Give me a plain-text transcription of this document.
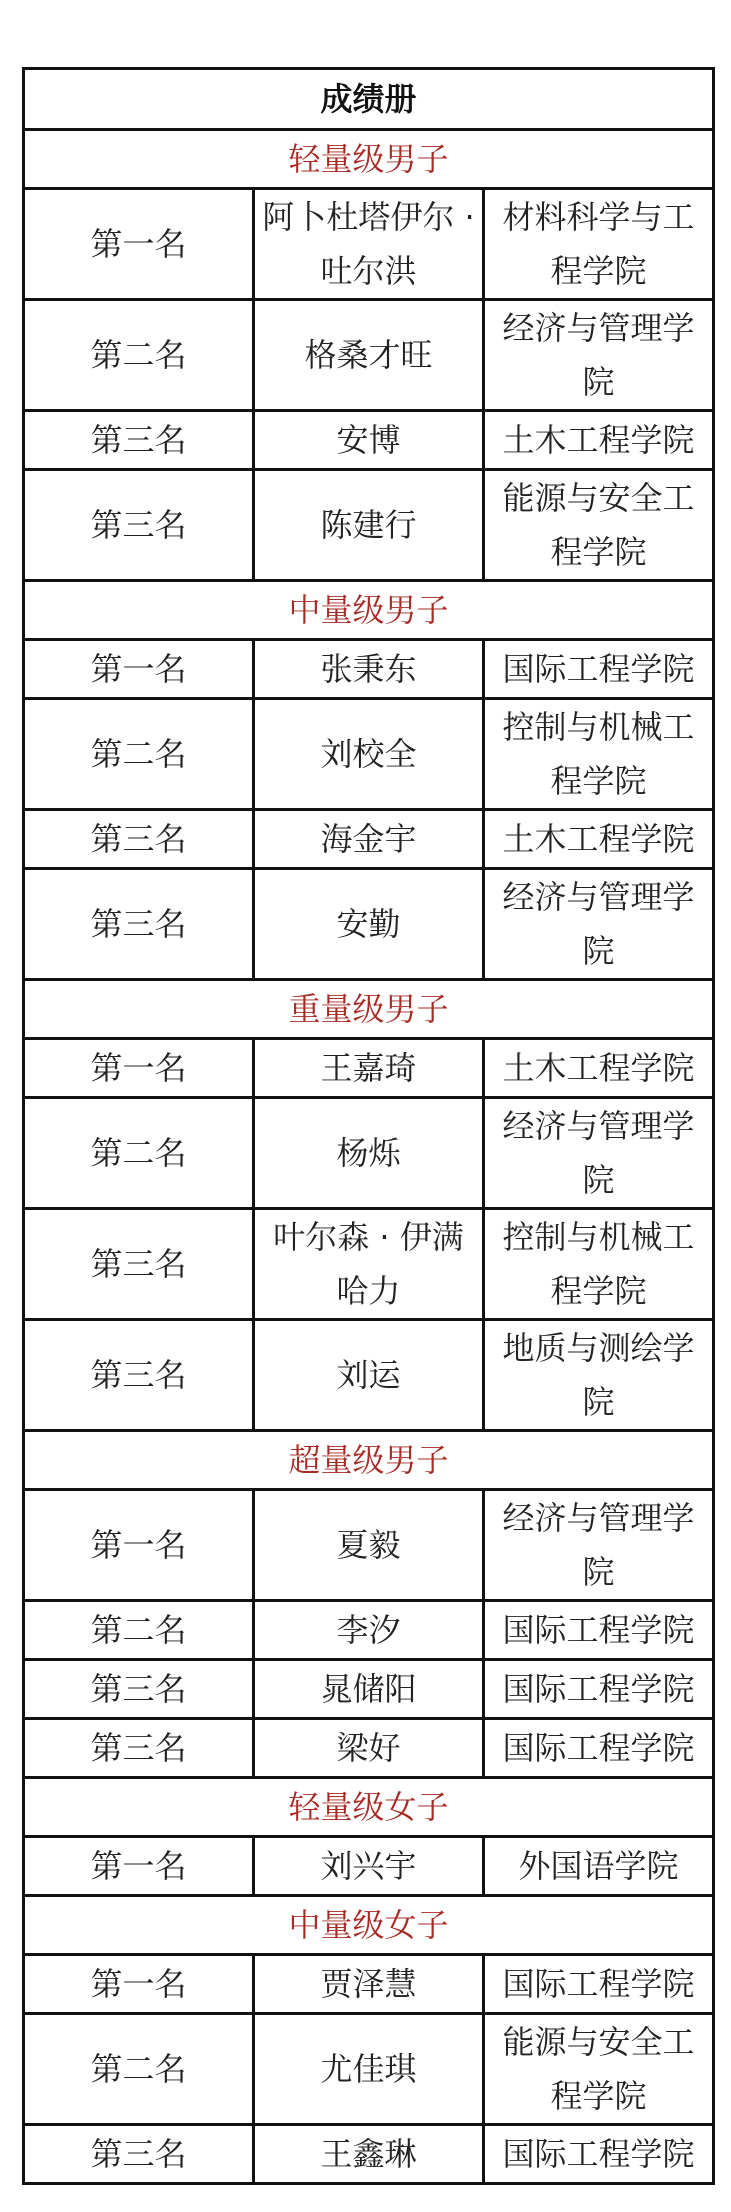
成绩册		
轻量级男子		
第一名	阿卜杜塔伊尔 · 吐尔洪	材料科学与工程学院
第二名	格桑才旺	经济与管理学院
第三名	安博	土木工程学院
第三名	陈建行	能源与安全工程学院
中量级男子		
第一名	张秉东	国际工程学院
第二名	刘校全	控制与机械工程学院
第三名	海金宇	土木工程学院
第三名	安勤	经济与管理学院
重量级男子		
第一名	王嘉琦	土木工程学院
第二名	杨烁	经济与管理学院
第三名	叶尔森 · 伊满哈力	控制与机械工程学院
第三名	刘运	地质与测绘学院
超量级男子		
第一名	夏毅	经济与管理学院
第二名	李汐	国际工程学院
第三名	晁储阳	国际工程学院
第三名	梁好	国际工程学院
轻量级女子		
第一名	刘兴宇	外国语学院
中量级女子		
第一名	贾泽慧	国际工程学院
第二名	尤佳琪	能源与安全工程学院
第三名	王鑫琳	国际工程学院
